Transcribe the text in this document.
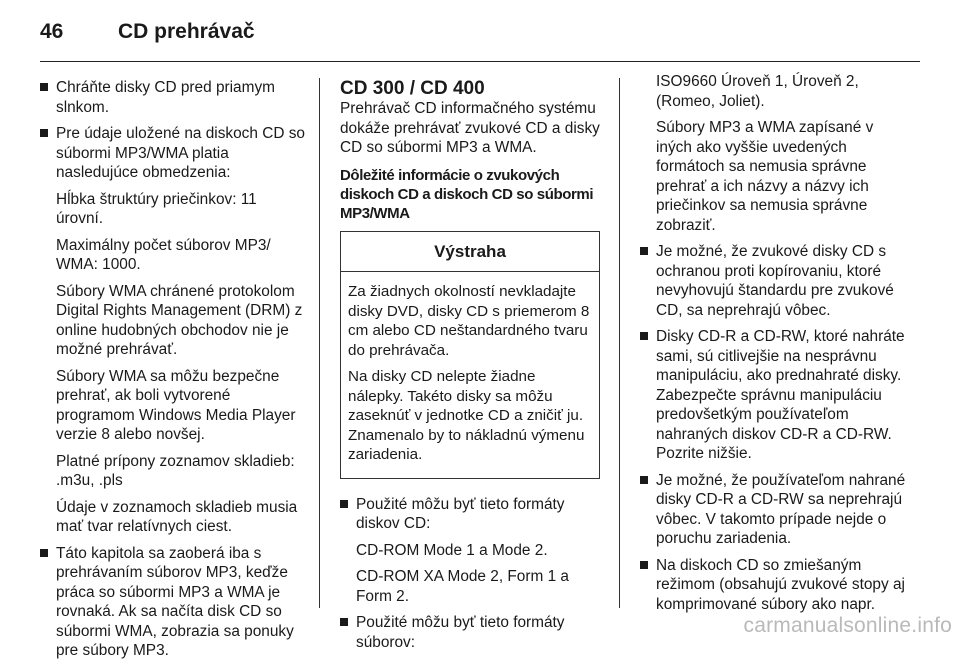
46	CD prehrávač
Chráňte disky CD pred priamym slnkom.

Pre údaje uložené na diskoch CD so súbormi MP3/WMA platia nasledujúce obmedzenia:

Hĺbka štruktúry priečinkov: 11 úrovní.

Maximálny počet súborov MP3/ WMA: 1000.

Súbory WMA chránené protokolom Digital Rights Management (DRM) z online hudobných obchodov nie je možné prehrávať.

Súbory WMA sa môžu bezpečne prehrať, ak boli vytvorené programom Windows Media Player verzie 8 alebo novšej.

Platné prípony zoznamov skladieb: .m3u, .pls

Údaje v zoznamoch skladieb musia mať tvar relatívnych ciest.

Táto kapitola sa zaoberá iba s prehrávaním súborov MP3, keďže práca so súbormi MP3 a WMA je rovnaká. Ak sa načíta disk CD so súbormi WMA, zobrazia sa ponuky pre súbory MP3.
CD 300 / CD 400

Prehrávač CD informačného systému dokáže prehrávať zvukové CD a disky CD so súbormi MP3 a WMA.

Dôležité informácie o zvukových diskoch CD a diskoch CD so súbormi MP3/WMA
Výstraha

Za žiadnych okolností nevkladajte disky DVD, disky CD s priemerom 8 cm alebo CD neštandardného tvaru do prehrávača.

Na disky CD nelepte žiadne nálepky. Takéto disky sa môžu zaseknúť v jednotke CD a zničiť ju. Znamenalo by to nákladnú výmenu zariadenia.

Použité môžu byť tieto formáty diskov CD:

CD-ROM Mode 1 a Mode 2.

CD-ROM XA Mode 2, Form 1 a Form 2.

Použité môžu byť tieto formáty súborov:

ISO9660 Úroveň 1, Úroveň 2, (Romeo, Joliet).

Súbory MP3 a WMA zapísané v iných ako vyššie uvedených formátoch sa nemusia správne prehrať a ich názvy a názvy ich priečinkov sa nemusia správne zobraziť.

Je možné, že zvukové disky CD s ochranou proti kopírovaniu, ktoré nevyhovujú štandardu pre zvukové CD, sa neprehrajú vôbec.
Disky CD-R a CD-RW, ktoré nahráte sami, sú citlivejšie na nesprávnu manipuláciu, ako prednahraté disky. Zabezpečte správnu manipuláciu predovšetkým používateľom nahraných diskov CD-R a CD-RW. Pozrite nižšie.
Je možné, že používateľom nahrané disky CD-R a CD-RW sa neprehrajú vôbec. V takomto prípade nejde o poruchu zariadenia.
Na diskoch CD so zmiešaným režimom (obsahujú zvukové stopy aj komprimované súbory ako napr.
carmanualsonline.info
